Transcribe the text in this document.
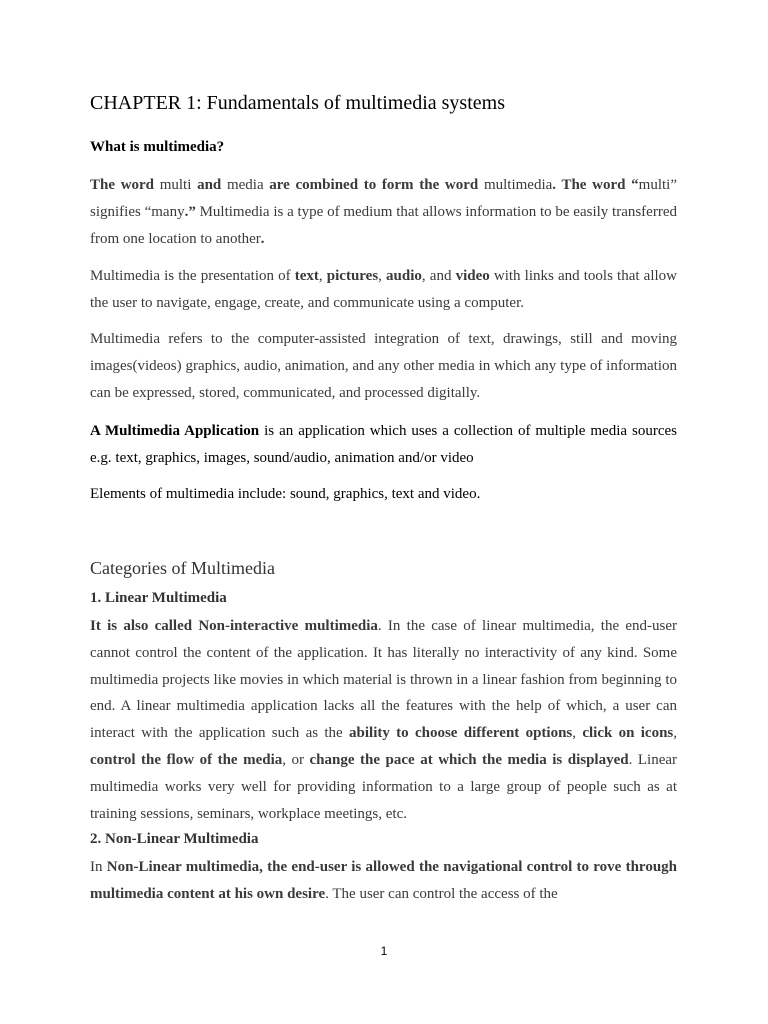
CHAPTER 1: Fundamentals of multimedia systems
What is multimedia?

The word multi and media are combined to form the word multimedia. The word “multi” signifies “many.” Multimedia is a type of medium that allows information to be easily transferred from one location to another.

Multimedia is the presentation of text, pictures, audio, and video with links and tools that allow the user to navigate, engage, create, and communicate using a computer.

Multimedia refers to the computer-assisted integration of text, drawings, still and moving images(videos) graphics, audio, animation, and any other media in which any type of information can be expressed, stored, communicated, and processed digitally.

A Multimedia Application is an application which uses a collection of multiple media sources e.g. text, graphics, images, sound/audio, animation and/or video

Elements of multimedia include: sound, graphics, text and video.

Categories of Multimedia
1. Linear Multimedia

It is also called Non-interactive multimedia. In the case of linear multimedia, the end-user cannot control the content of the application. It has literally no interactivity of any kind. Some multimedia projects like movies in which material is thrown in a linear fashion from beginning to end. A linear multimedia application lacks all the features with the help of which, a user can interact with the application such as the ability to choose different options, click on icons, control the flow of the media, or change the pace at which the media is displayed. Linear multimedia works very well for providing information to a large group of people such as at training sessions, seminars, workplace meetings, etc.

2. Non-Linear Multimedia

In Non-Linear multimedia, the end-user is allowed the navigational control to rove through multimedia content at his own desire. The user can control the access of the

1
